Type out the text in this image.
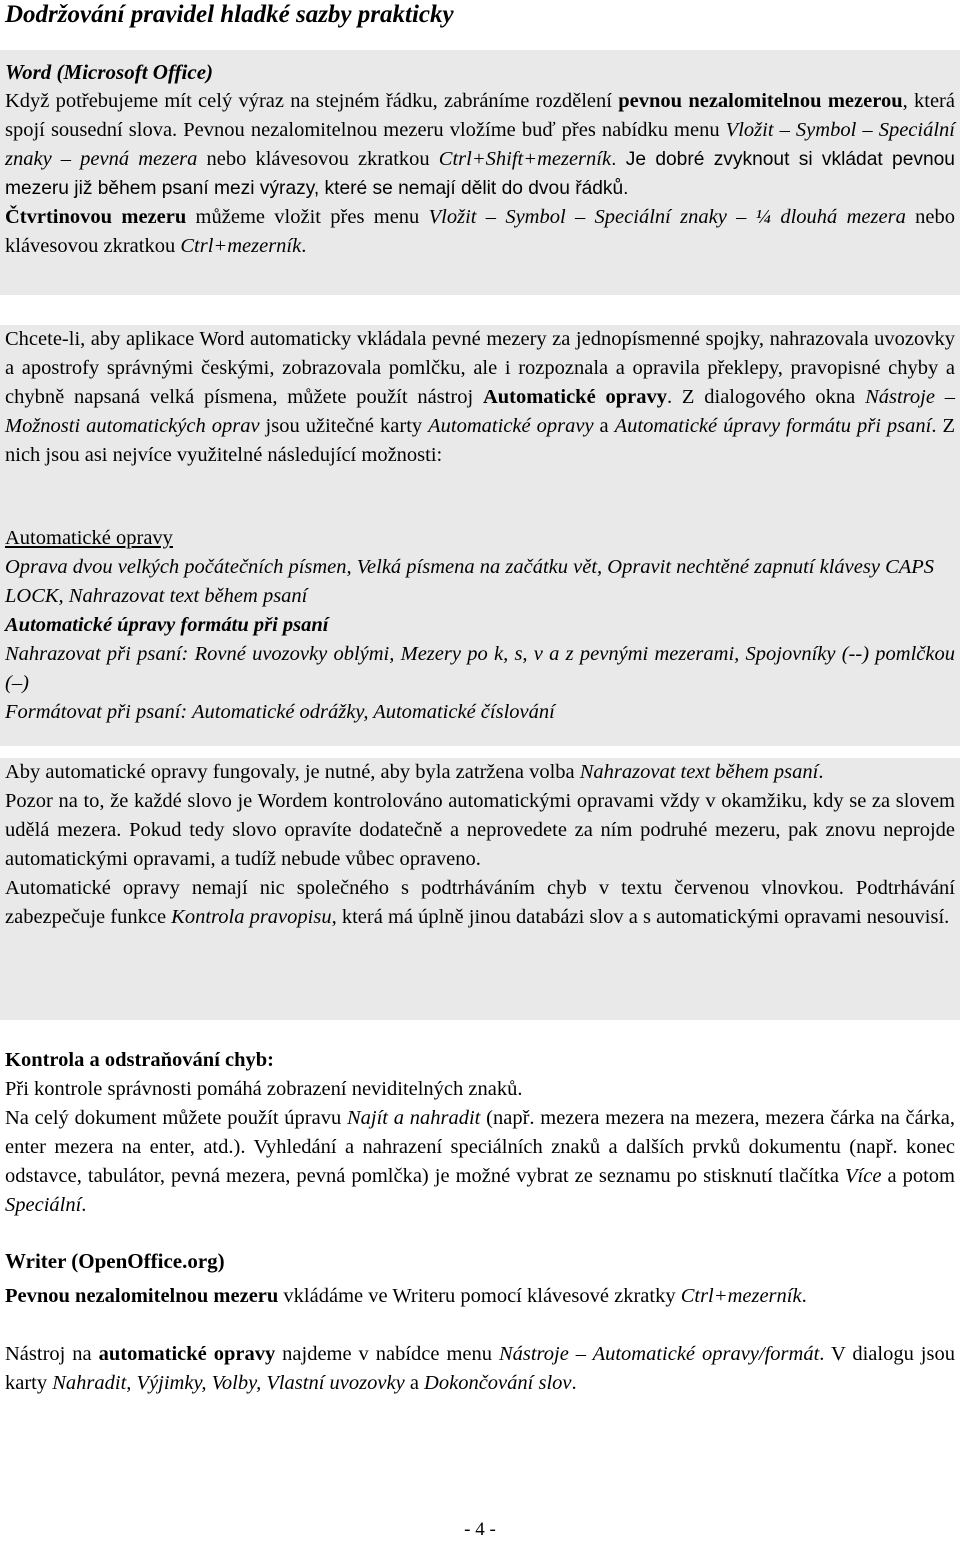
Dodržování pravidel hladké sazby prakticky
Word (Microsoft Office)
Když potřebujeme mít celý výraz na stejném řádku, zabráníme rozdělení pevnou nezalomitelnou mezerou, která spojí sousední slova. Pevnou nezalomitelnou mezeru vložíme buď přes nabídku menu Vložit – Symbol – Speciální znaky – pevná mezera nebo klávesovou zkratkou Ctrl+Shift+mezerník. Je dobré zvyknout si vkládat pevnou mezeru již během psaní mezi výrazy, které se nemají dělit do dvou řádků.
Čtvrtinovou mezeru můžeme vložit přes menu Vložit – Symbol – Speciální znaky – ¼ dlouhá mezera nebo klávesovou zkratkou Ctrl+mezerník.
Chcete-li, aby aplikace Word automaticky vkládala pevné mezery za jednopísmenné spojky, nahrazovala uvozovky a apostrofy správnými českými, zobrazovala pomlčku, ale i rozpoznala a opravila překlepy, pravopisné chyby a chybně napsaná velká písmena, můžete použít nástroj Automatické opravy. Z dialogového okna Nástroje – Možnosti automatických oprav jsou užitečné karty Automatické opravy a Automatické úpravy formátu při psaní. Z nich jsou asi nejvíce využitelné následující možnosti:
Automatické opravy
Oprava dvou velkých počátečních písmen, Velká písmena na začátku vět, Opravit nechtěné zapnutí klávesy CAPS LOCK, Nahrazovat text během psaní
Automatické úpravy formátu při psaní
Nahrazovat při psaní: Rovné uvozovky oblými, Mezery po k, s, v a z pevnými mezerami, Spojovníky (--) pomlčkou (–)
Formátovat při psaní: Automatické odrážky, Automatické číslování
Aby automatické opravy fungovaly, je nutné, aby byla zatržena volba Nahrazovat text během psaní.
Pozor na to, že každé slovo je Wordem kontrolováno automatickými opravami vždy v okamžiku, kdy se za slovem udělá mezera. Pokud tedy slovo opravíte dodatečně a neprovedete za ním podruhé mezeru, pak znovu neprojde automatickými opravami, a tudíž nebude vůbec opraveno.
Automatické opravy nemají nic společného s podtrháváním chyb v textu červenou vlnovkou. Podtrhávání zabezpečuje funkce Kontrola pravopisu, která má úplně jinou databázi slov a s automatickými opravami nesouvisí.
Kontrola a odstraňování chyb:
Při kontrole správnosti pomáhá zobrazení neviditelných znaků.
Na celý dokument můžete použít úpravu Najít a nahradit (např. mezera mezera na mezera, mezera čárka na čárka, enter mezera na enter, atd.). Vyhledání a nahrazení speciálních znaků a dalších prvků dokumentu (např. konec odstavce, tabulátor, pevná mezera, pevná pomlčka) je možné vybrat ze seznamu po stisknutí tlačítka Více a potom Speciální.
Writer (OpenOffice.org)
Pevnou nezalomitelnou mezeru vkládáme ve Writeru pomocí klávesové zkratky Ctrl+mezerník.
Nástroj na automatické opravy najdeme v nabídce menu Nástroje – Automatické opravy/formát. V dialogu jsou karty Nahradit, Výjimky, Volby, Vlastní uvozovky a Dokončování slov.
- 4 -
